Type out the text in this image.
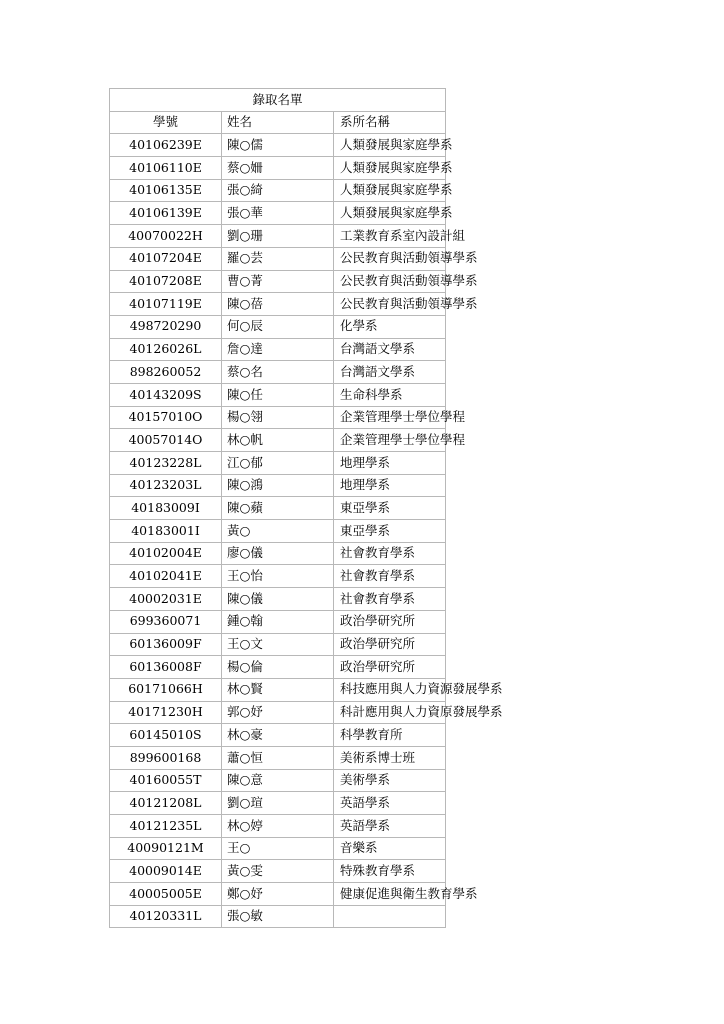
錄取名單		
學號	姓名	系所名稱
40106239E	陳○儒	人類發展與家庭學系
40106110E	蔡○姍	人類發展與家庭學系
40106135E	張○綺	人類發展與家庭學系
40106139E	張○華	人類發展與家庭學系
40070022H	劉○珊	工業教育系室內設計組
40107204E	羅○芸	公民教育與活動領導學系
40107208E	曹○菁	公民教育與活動領導學系
40107119E	陳○蓓	公民教育與活動領導學系
498720290	何○辰	化學系
40126026L	詹○達	台灣語文學系
898260052	蔡○名	台灣語文學系
40143209S	陳○任	生命科學系
40157010O	楊○翎	企業管理學士學位學程
40057014O	林○帆	企業管理學士學位學程
40123228L	江○郁	地理學系
40123203L	陳○鴻	地理學系
40183009I	陳○蘋	東亞學系
40183001I	黃○	東亞學系
40102004E	廖○儀	社會教育學系
40102041E	王○怡	社會教育學系
40002031E	陳○儀	社會教育學系
699360071	鍾○翰	政治學研究所
60136009F	王○文	政治學研究所
60136008F	楊○倫	政治學研究所
60171066H	林○賢	科技應用與人力資源發展學系
40171230H	郭○妤	科計應用與人力資原發展學系
60145010S	林○豪	科學教育所
899600168	蕭○恒	美術系博士班
40160055T	陳○意	美術學系
40121208L	劉○瑄	英語學系
40121235L	林○婷	英語學系
40090121M	王○	音樂系
40009014E	黃○雯	特殊教育學系
40005005E	鄭○妤	健康促進與衛生教育學系
40120331L	張○敏	
